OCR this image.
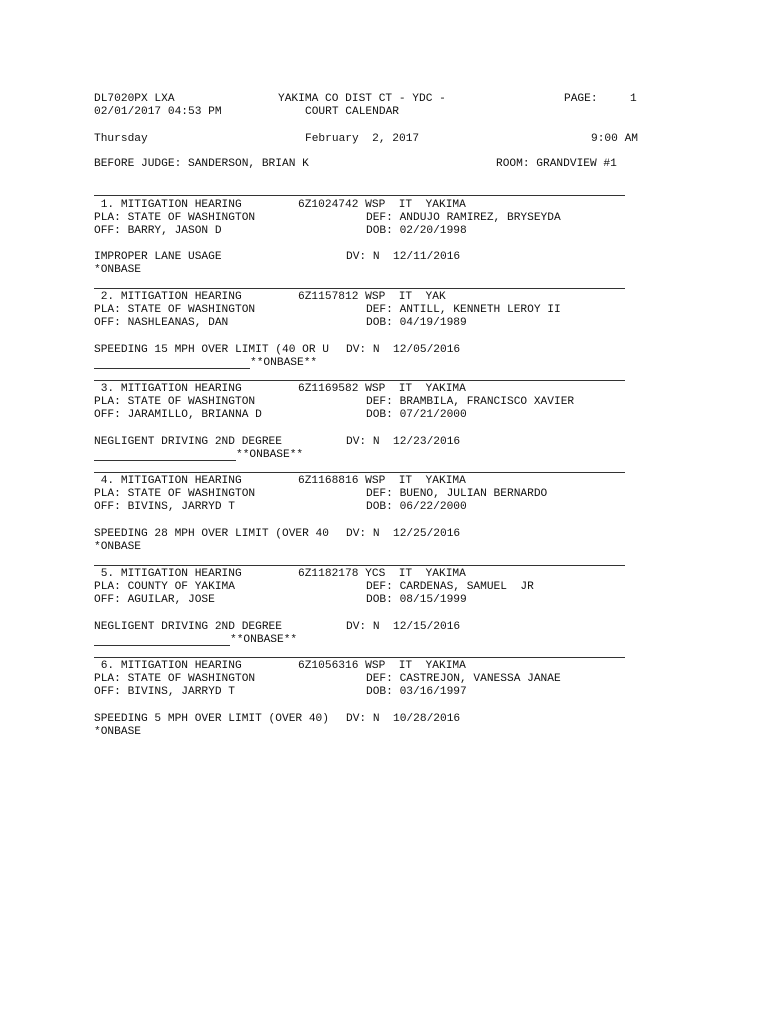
DL7020PX LXA	YAKIMA CO DIST CT - YDC -	PAGE:	1
02/01/2017 04:53 PM	COURT CALENDAR
Thursday	February  2, 2017	9:00 AM
BEFORE JUDGE: SANDERSON, BRIAN K	ROOM: GRANDVIEW #1
1. MITIGATION HEARING	6Z1024742 WSP  IT  YAKIMA
PLA: STATE OF WASHINGTON	DEF: ANDUJO RAMIREZ, BRYSEYDA
OFF: BARRY, JASON D	DOB: 02/20/1998
IMPROPER LANE USAGE	DV: N  12/11/2016
*ONBASE
2. MITIGATION HEARING	6Z1157812 WSP  IT  YAK
PLA: STATE OF WASHINGTON	DEF: ANTILL, KENNETH LEROY II
OFF: NASHLEANAS, DAN	DOB: 04/19/1989
SPEEDING 15 MPH OVER LIMIT (40 OR U DV: N  12/05/2016
**ONBASE**
3. MITIGATION HEARING	6Z1169582 WSP  IT  YAKIMA
PLA: STATE OF WASHINGTON	DEF: BRAMBILA, FRANCISCO XAVIER
OFF: JARAMILLO, BRIANNA D	DOB: 07/21/2000
NEGLIGENT DRIVING 2ND DEGREE	DV: N  12/23/2016
**ONBASE**
4. MITIGATION HEARING	6Z1168816 WSP  IT  YAKIMA
PLA: STATE OF WASHINGTON	DEF: BUENO, JULIAN BERNARDO
OFF: BIVINS, JARRYD T	DOB: 06/22/2000
SPEEDING 28 MPH OVER LIMIT (OVER 40 DV: N  12/25/2016
*ONBASE
5. MITIGATION HEARING	6Z1182178 YCS  IT  YAKIMA
PLA: COUNTY OF YAKIMA	DEF: CARDENAS, SAMUEL  JR
OFF: AGUILAR, JOSE	DOB: 08/15/1999
NEGLIGENT DRIVING 2ND DEGREE	DV: N  12/15/2016
**ONBASE**
6. MITIGATION HEARING	6Z1056316 WSP  IT  YAKIMA
PLA: STATE OF WASHINGTON	DEF: CASTREJON, VANESSA JANAE
OFF: BIVINS, JARRYD T	DOB: 03/16/1997
SPEEDING 5 MPH OVER LIMIT (OVER 40) DV: N  10/28/2016
*ONBASE
